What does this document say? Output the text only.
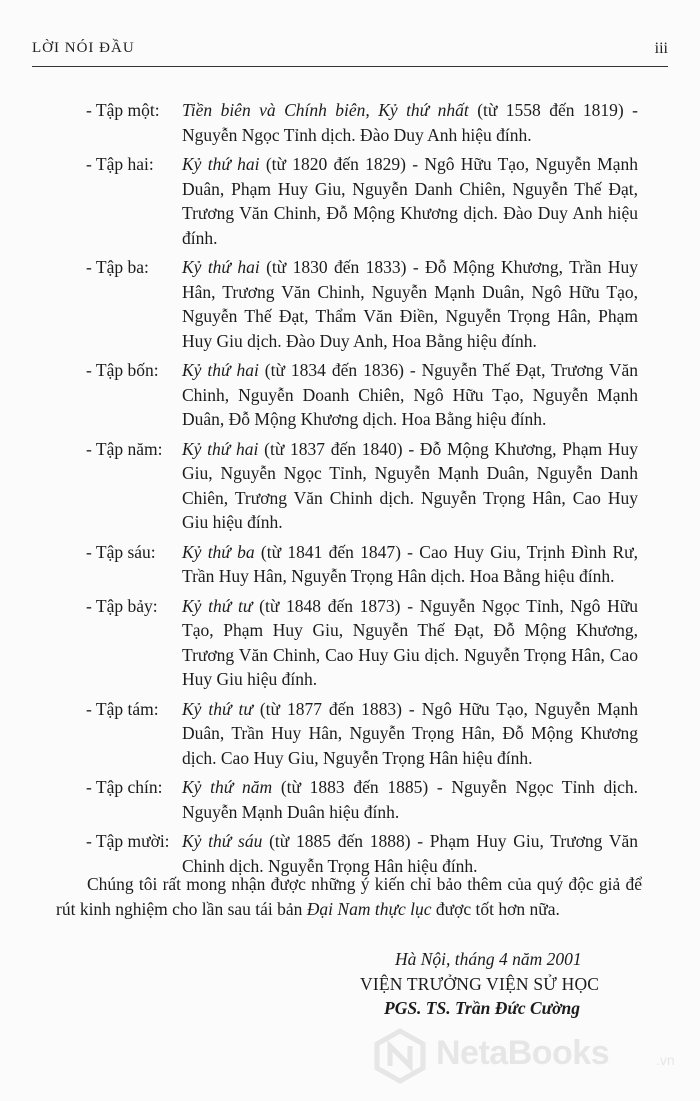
LỜI NÓI ĐẦU	iii
- Tập một: Tiền biên và Chính biên, Kỷ thứ nhất (từ 1558 đến 1819) - Nguyễn Ngọc Tỉnh dịch. Đào Duy Anh hiệu đính.
- Tập hai: Kỷ thứ hai (từ 1820 đến 1829) - Ngô Hữu Tạo, Nguyễn Mạnh Duân, Phạm Huy Giu, Nguyễn Danh Chiên, Nguyễn Thế Đạt, Trương Văn Chinh, Đỗ Mộng Khương dịch. Đào Duy Anh hiệu đính.
- Tập ba: Kỷ thứ hai (từ 1830 đến 1833) - Đỗ Mộng Khương, Trần Huy Hân, Trương Văn Chinh, Nguyễn Mạnh Duân, Ngô Hữu Tạo, Nguyễn Thế Đạt, Thẩm Văn Điền, Nguyễn Trọng Hân, Phạm Huy Giu dịch. Đào Duy Anh, Hoa Bằng hiệu đính.
- Tập bốn: Kỷ thứ hai (từ 1834 đến 1836) - Nguyễn Thế Đạt, Trương Văn Chinh, Nguyễn Doanh Chiên, Ngô Hữu Tạo, Nguyễn Mạnh Duân, Đỗ Mộng Khương dịch. Hoa Bằng hiệu đính.
- Tập năm: Kỷ thứ hai (từ 1837 đến 1840) - Đỗ Mộng Khương, Phạm Huy Giu, Nguyễn Ngọc Tỉnh, Nguyễn Mạnh Duân, Nguyễn Danh Chiên, Trương Văn Chinh dịch. Nguyễn Trọng Hân, Cao Huy Giu hiệu đính.
- Tập sáu: Kỷ thứ ba (từ 1841 đến 1847) - Cao Huy Giu, Trịnh Đình Rư, Trần Huy Hân, Nguyễn Trọng Hân dịch. Hoa Bằng hiệu đính.
- Tập bảy: Kỷ thứ tư (từ 1848 đến 1873) - Nguyễn Ngọc Tỉnh, Ngô Hữu Tạo, Phạm Huy Giu, Nguyễn Thế Đạt, Đỗ Mộng Khương, Trương Văn Chinh, Cao Huy Giu dịch. Nguyễn Trọng Hân, Cao Huy Giu hiệu đính.
- Tập tám: Kỷ thứ tư (từ 1877 đến 1883) - Ngô Hữu Tạo, Nguyễn Mạnh Duân, Trần Huy Hân, Nguyễn Trọng Hân, Đỗ Mộng Khương dịch. Cao Huy Giu, Nguyễn Trọng Hân hiệu đính.
- Tập chín: Kỷ thứ năm (từ 1883 đến 1885) - Nguyễn Ngọc Tỉnh dịch. Nguyễn Mạnh Duân hiệu đính.
- Tập mười: Kỷ thứ sáu (từ 1885 đến 1888) - Phạm Huy Giu, Trương Văn Chinh dịch. Nguyễn Trọng Hân hiệu đính.
Chúng tôi rất mong nhận được những ý kiến chỉ bảo thêm của quý độc giả để rút kinh nghiệm cho lần sau tái bản Đại Nam thực lục được tốt hơn nữa.
Hà Nội, tháng 4 năm 2001
VIỆN TRƯỞNG VIỆN SỬ HỌC
PGS. TS. Trần Đức Cường
NetaBooks	.vn
